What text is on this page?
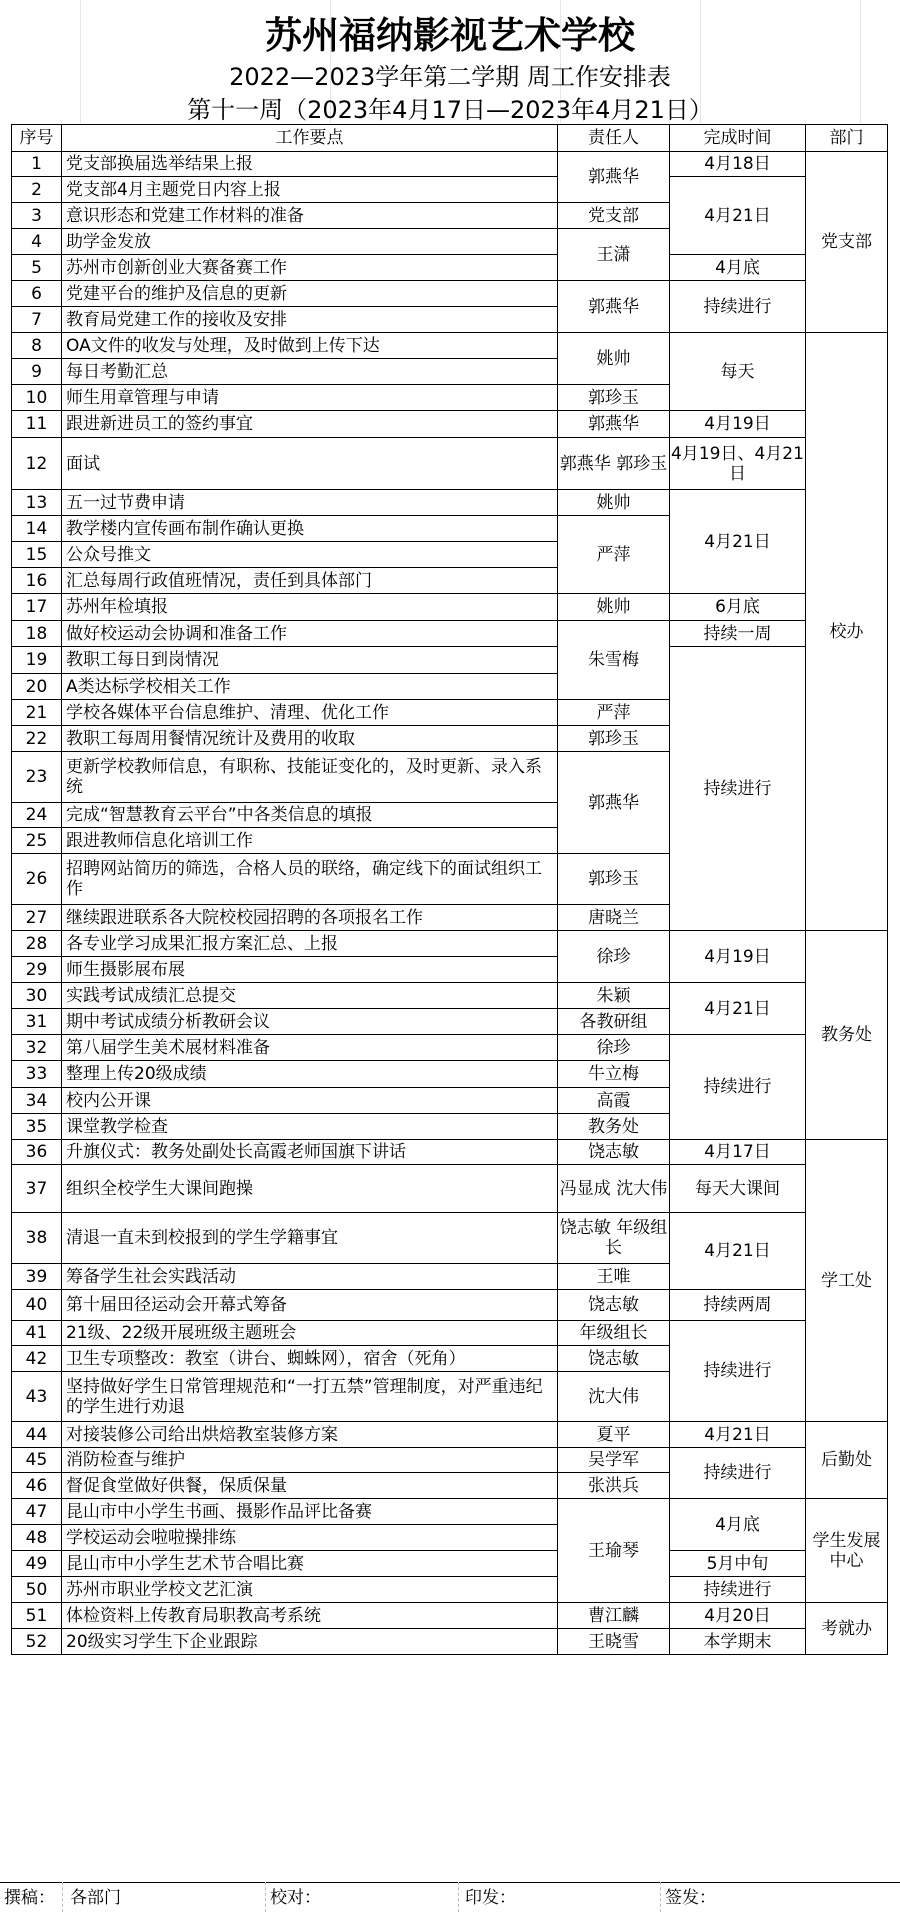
苏州福纳影视艺术学校
2022—2023学年第二学期 周工作安排表
第十一周（2023年4月17日—2023年4月21日）
序号	工作要点	责任人	完成时间	部门
1	党支部换届选举结果上报	郭燕华	4月18日	党支部
2	党支部4月主题党日内容上报		4月21日	
3	意识形态和党建工作材料的准备	党支部		
4	助学金发放	王潇		
5	苏州市创新创业大赛备赛工作		4月底	
6	党建平台的维护及信息的更新	郭燕华	持续进行	
7	教育局党建工作的接收及安排			
8	OA文件的收发与处理，及时做到上传下达	姚帅	每天	校办
9	每日考勤汇总			
10	师生用章管理与申请	郭珍玉		
11	跟进新进员工的签约事宜	郭燕华	4月19日	
12	面试	郭燕华 郭珍玉	4月19日、4月21日	
13	五一过节费申请	姚帅	4月21日	
14	教学楼内宣传画布制作确认更换	严萍		
15	公众号推文			
16	汇总每周行政值班情况，责任到具体部门			
17	苏州年检填报	姚帅	6月底	
18	做好校运动会协调和准备工作	朱雪梅	持续一周	
19	教职工每日到岗情况		持续进行	
20	A类达标学校相关工作			
21	学校各媒体平台信息维护、清理、优化工作	严萍		
22	教职工每周用餐情况统计及费用的收取	郭珍玉		
23	更新学校教师信息，有职称、技能证变化的，及时更新、录入系统	郭燕华		
24	完成“智慧教育云平台”中各类信息的填报			
25	跟进教师信息化培训工作			
26	招聘网站简历的筛选，合格人员的联络，确定线下的面试组织工作	郭珍玉		
27	继续跟进联系各大院校校园招聘的各项报名工作	唐晓兰		
28	各专业学习成果汇报方案汇总、上报	徐珍	4月19日	教务处
29	师生摄影展布展			
30	实践考试成绩汇总提交	朱颖	4月21日	
31	期中考试成绩分析教研会议	各教研组		
32	第八届学生美术展材料准备	徐珍	持续进行	
33	整理上传20级成绩	牛立梅		
34	校内公开课	高霞		
35	课堂教学检查	教务处		
36	升旗仪式：教务处副处长高霞老师国旗下讲话	饶志敏	4月17日	学工处
37	组织全校学生大课间跑操	冯显成 沈大伟	每天大课间	
38	清退一直未到校报到的学生学籍事宜	饶志敏 年级组长	4月21日	
39	筹备学生社会实践活动	王唯		
40	第十届田径运动会开幕式筹备	饶志敏	持续两周	
41	21级、22级开展班级主题班会	年级组长	持续进行	
42	卫生专项整改：教室（讲台、蜘蛛网），宿舍（死角）	饶志敏		
43	坚持做好学生日常管理规范和“一打五禁”管理制度，对严重违纪的学生进行劝退	沈大伟		
44	对接装修公司给出烘焙教室装修方案	夏平	4月21日	后勤处
45	消防检查与维护	吴学军	持续进行	
46	督促食堂做好供餐，保质保量	张洪兵		
47	昆山市中小学生书画、摄影作品评比备赛	王瑜琴	4月底	学生发展中心
48	学校运动会啦啦操排练			
49	昆山市中小学生艺术节合唱比赛		5月中旬	
50	苏州市职业学校文艺汇演		持续进行	
51	体检资料上传教育局职教高考系统	曹江麟	4月20日	考就办
52	20级实习学生下企业跟踪	王晓雪	本学期末	
撰稿： 各部门	校对：	印发：	签发：
